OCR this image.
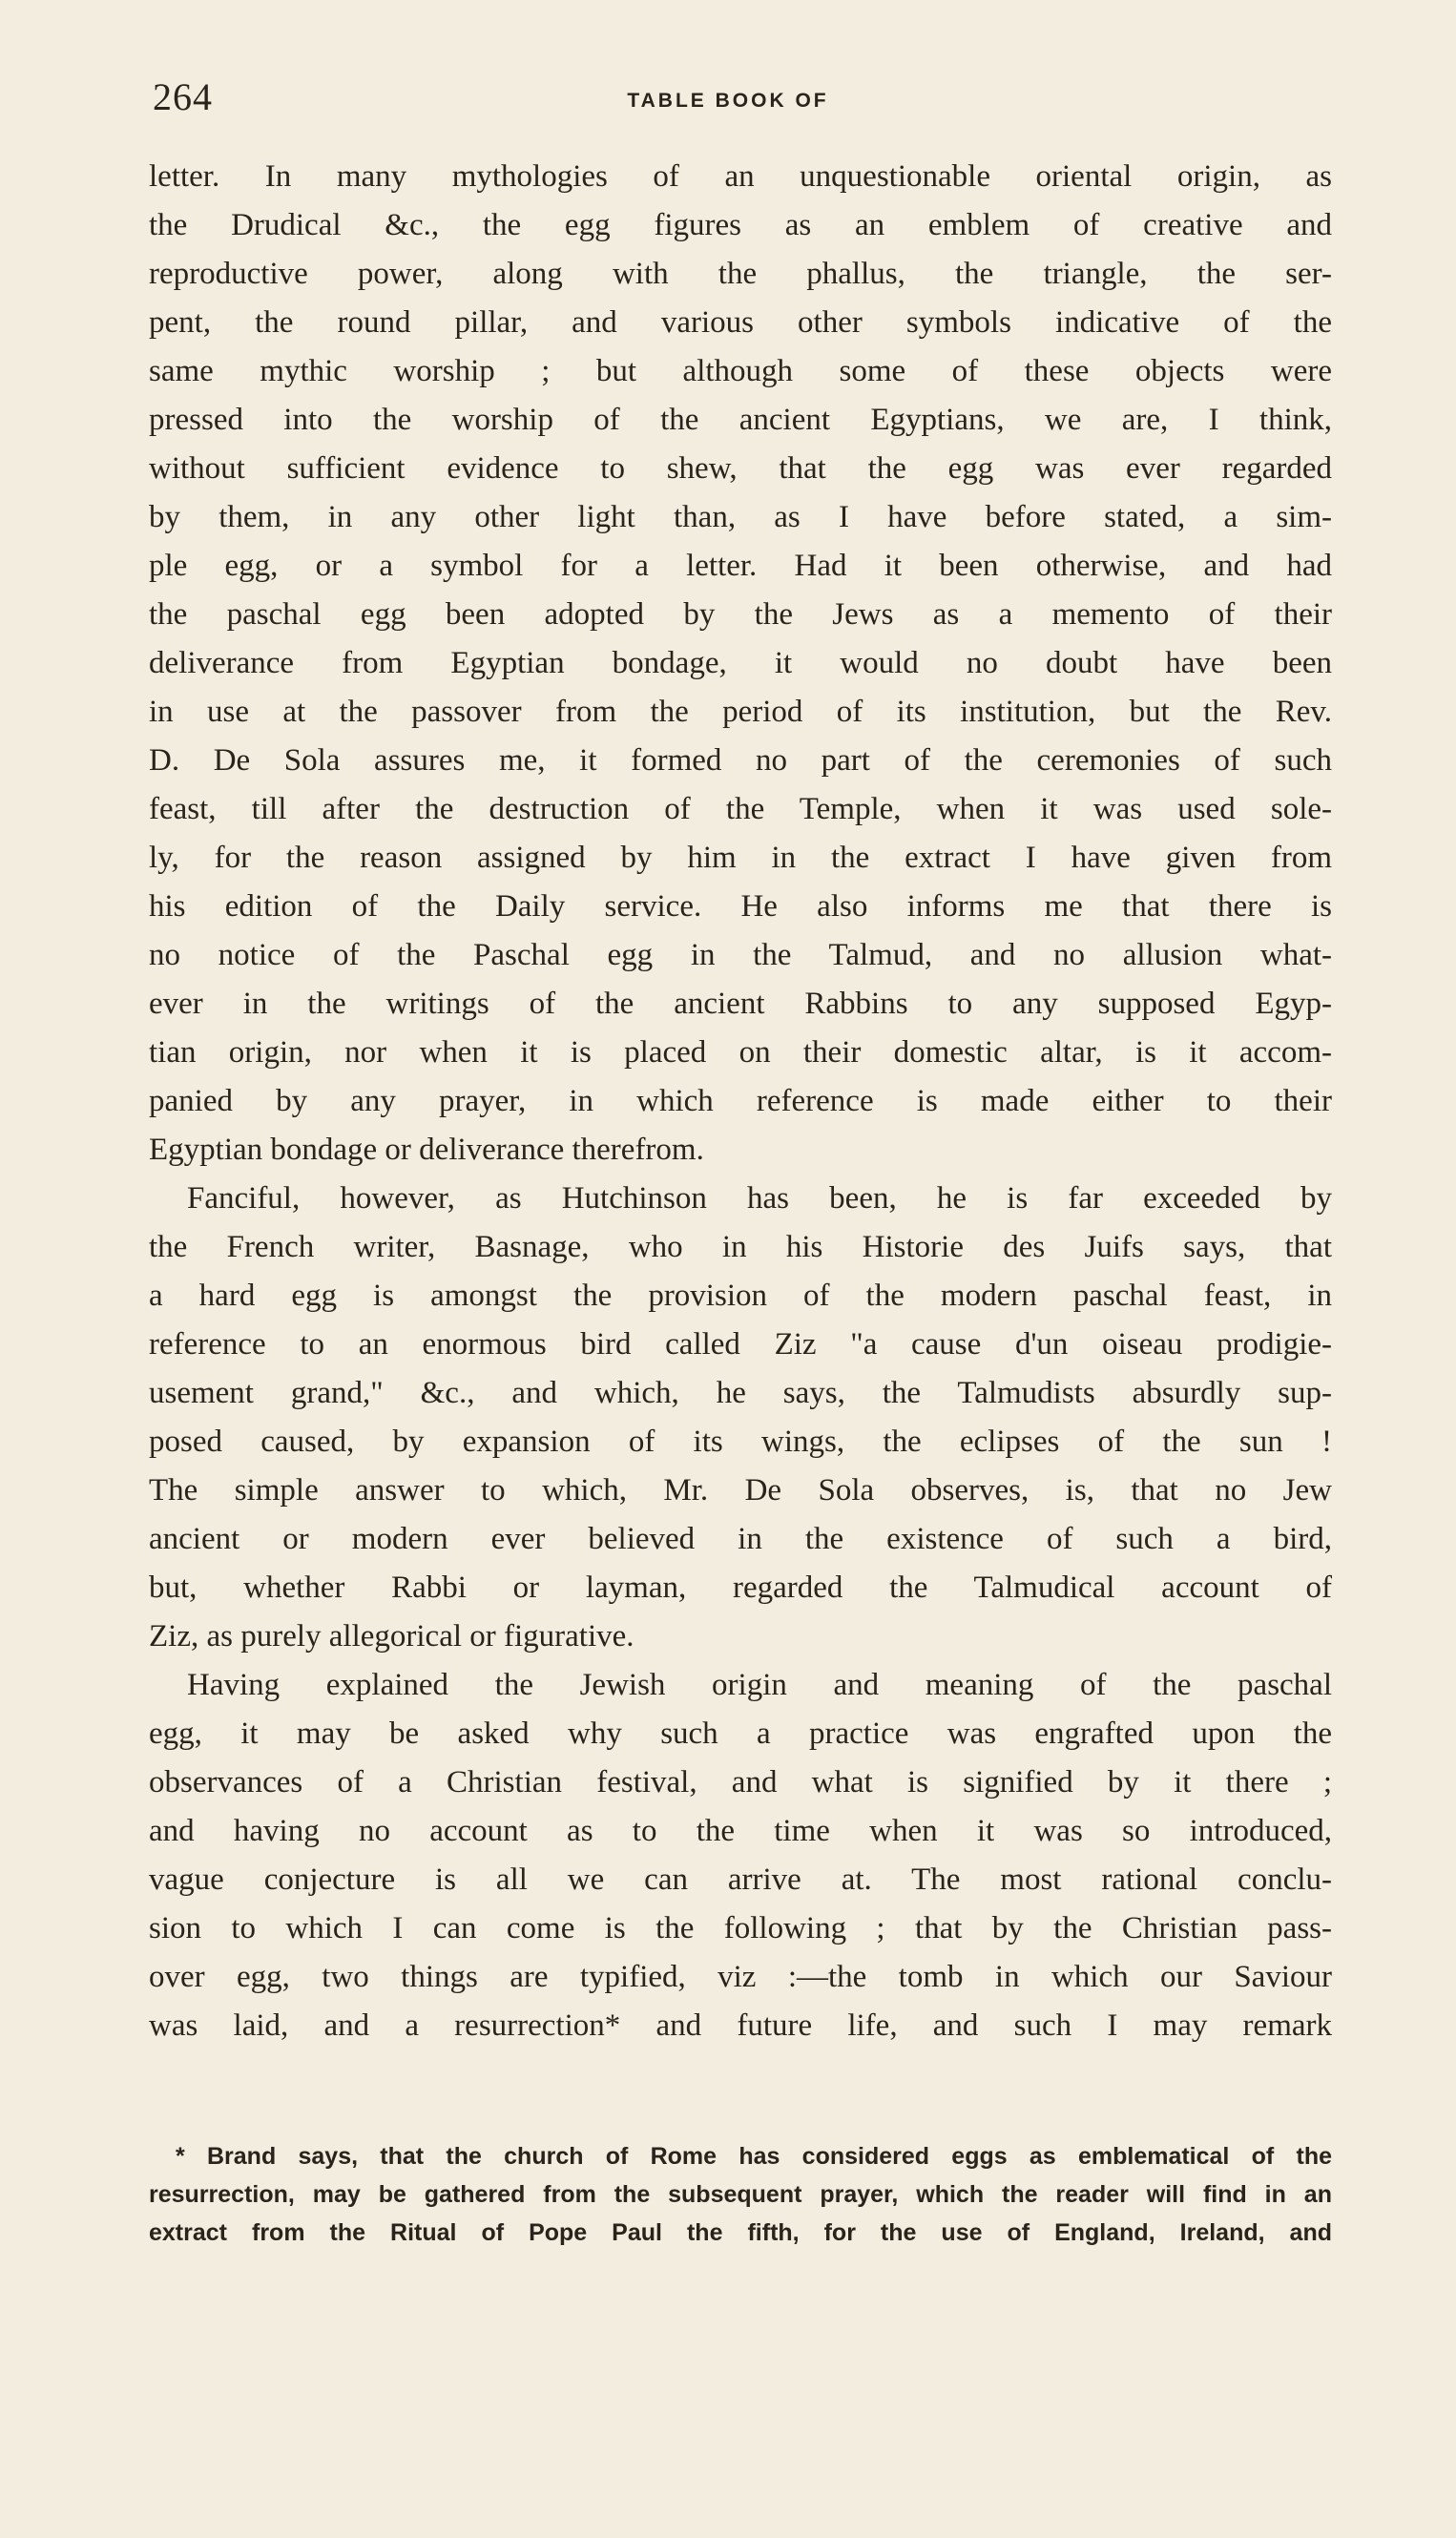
264	TABLE BOOK OF
letter. In many mythologies of an unquestionable oriental origin, as
the Drudical &c., the egg figures as an emblem of creative and
reproductive power, along with the phallus, the triangle, the ser-
pent, the round pillar, and various other symbols indicative of the
same mythic worship ; but although some of these objects were
pressed into the worship of the ancient Egyptians, we are, I think,
without sufficient evidence to shew, that the egg was ever regarded
by them, in any other light than, as I have before stated, a sim-
ple egg, or a symbol for a letter. Had it been otherwise, and had
the paschal egg been adopted by the Jews as a memento of their
deliverance from Egyptian bondage, it would no doubt have been
in use at the passover from the period of its institution, but the Rev.
D. De Sola assures me, it formed no part of the ceremonies of such
feast, till after the destruction of the Temple, when it was used sole-
ly, for the reason assigned by him in the extract I have given from
his edition of the Daily service. He also informs me that there is
no notice of the Paschal egg in the Talmud, and no allusion what-
ever in the writings of the ancient Rabbins to any supposed Egyp-
tian origin, nor when it is placed on their domestic altar, is it accom-
panied by any prayer, in which reference is made either to their
Egyptian bondage or deliverance therefrom.
Fanciful, however, as Hutchinson has been, he is far exceeded by
the French writer, Basnage, who in his Historie des Juifs says, that
a hard egg is amongst the provision of the modern paschal feast, in
reference to an enormous bird called Ziz "a cause d'un oiseau prodigie-
usement grand," &c., and which, he says, the Talmudists absurdly sup-
posed caused, by expansion of its wings, the eclipses of the sun !
The simple answer to which, Mr. De Sola observes, is, that no Jew
ancient or modern ever believed in the existence of such a bird,
but, whether Rabbi or layman, regarded the Talmudical account of
Ziz, as purely allegorical or figurative.
Having explained the Jewish origin and meaning of the paschal
egg, it may be asked why such a practice was engrafted upon the
observances of a Christian festival, and what is signified by it there ;
and having no account as to the time when it was so introduced,
vague conjecture is all we can arrive at. The most rational conclu-
sion to which I can come is the following ; that by the Christian pass-
over egg, two things are typified, viz :—the tomb in which our Saviour
was laid, and a resurrection* and future life, and such I may remark
* Brand says, that the church of Rome has considered eggs as emblematical of the
resurrection, may be gathered from the subsequent prayer, which the reader will find in an
extract from the Ritual of Pope Paul the fifth, for the use of England, Ireland, and
